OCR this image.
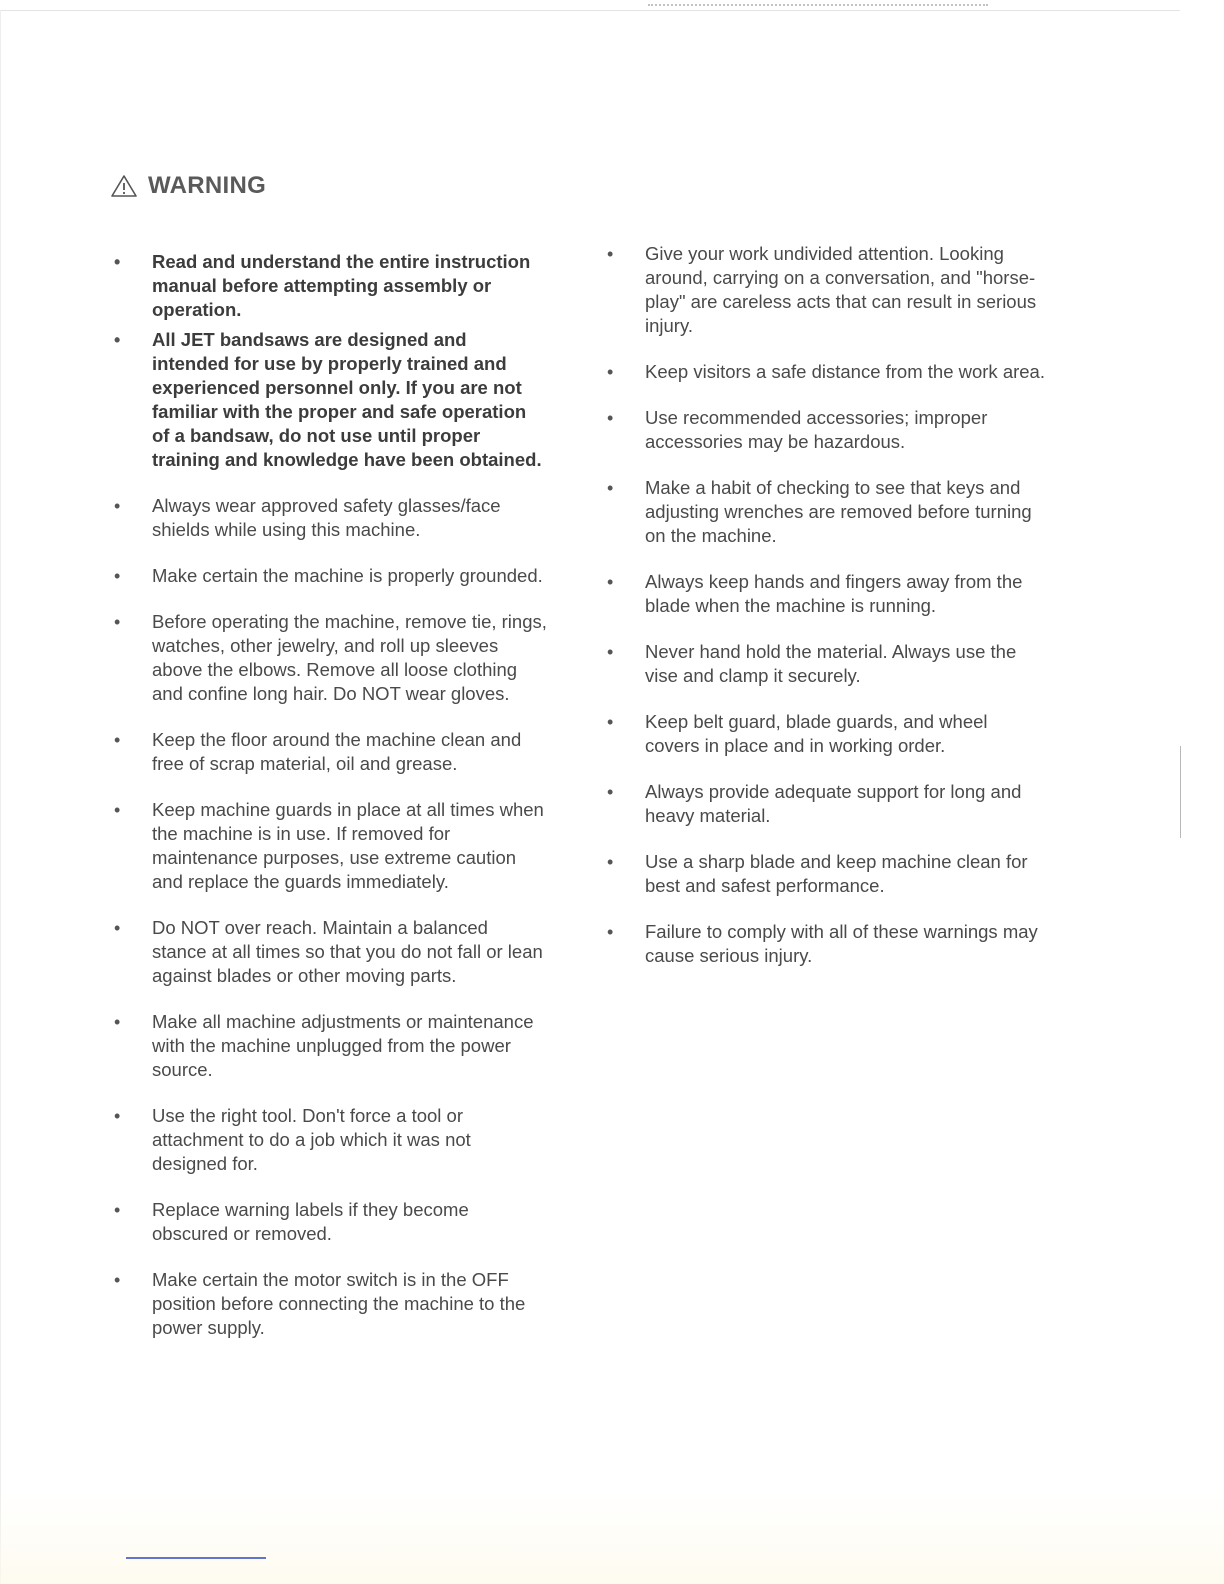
WARNING
• Read and understand the entire instruction manual before attempting assembly or operation.
• All JET bandsaws are designed and intended for use by properly trained and experienced personnel only. If you are not familiar with the proper and safe operation of a bandsaw, do not use until proper training and knowledge have been obtained.
• Always wear approved safety glasses/face shields while using this machine.
• Make certain the machine is properly grounded.
• Before operating the machine, remove tie, rings, watches, other jewelry, and roll up sleeves above the elbows. Remove all loose clothing and confine long hair. Do NOT wear gloves.
• Keep the floor around the machine clean and free of scrap material, oil and grease.
• Keep machine guards in place at all times when the machine is in use. If removed for maintenance purposes, use extreme caution and replace the guards immediately.
• Do NOT over reach. Maintain a balanced stance at all times so that you do not fall or lean against blades or other moving parts.
• Make all machine adjustments or maintenance with the machine unplugged from the power source.
• Use the right tool. Don't force a tool or attachment to do a job which it was not designed for.
• Replace warning labels if they become obscured or removed.
• Make certain the motor switch is in the OFF position before connecting the machine to the power supply.
• Give your work undivided attention. Looking around, carrying on a conversation, and "horse-play" are careless acts that can result in serious injury.
• Keep visitors a safe distance from the work area.
• Use recommended accessories; improper accessories may be hazardous.
• Make a habit of checking to see that keys and adjusting wrenches are removed before turning on the machine.
• Always keep hands and fingers away from the blade when the machine is running.
• Never hand hold the material. Always use the vise and clamp it securely.
• Keep belt guard, blade guards, and wheel covers in place and in working order.
• Always provide adequate support for long and heavy material.
• Use a sharp blade and keep machine clean for best and safest performance.
• Failure to comply with all of these warnings may cause serious injury.
